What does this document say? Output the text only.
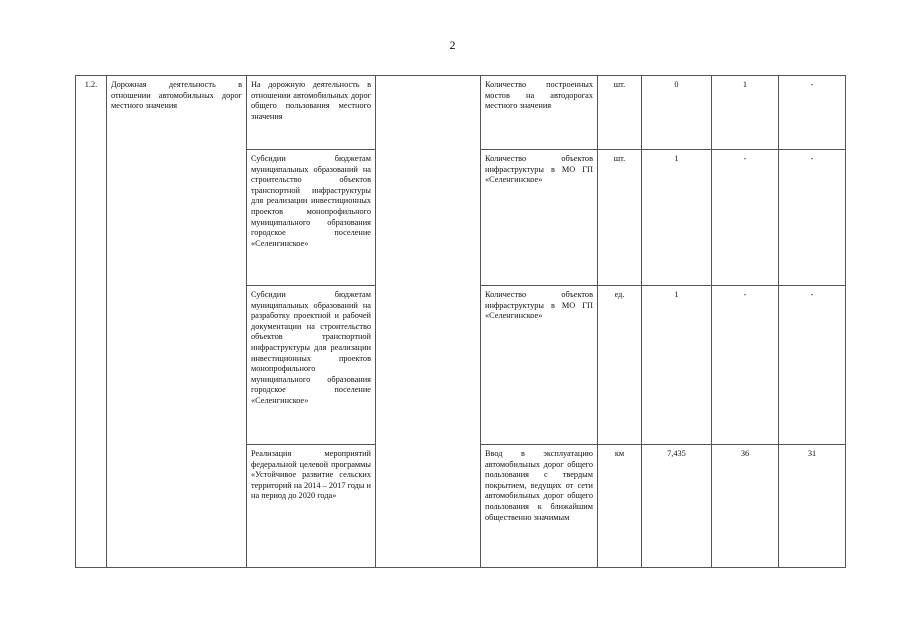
2
1.2.	Дорожная деятельность в отношении автомобильных дорог местного значения	На дорожную деятельность в отношении автомобильных дорог общего пользования местного значения		Количество построенных мостов на автодорогах местного значения	шт.	0	1	-
		Субсидии бюджетам муниципальных образований на строительство объектов транспортной инфраструктуры для реализации инвестиционных проектов монопрофильного муниципального образования городское поселение «Селенгинское»		Количество объектов инфраструктуры в МО ГП «Селенгинское»	шт.	1	-	-
		Субсидии бюджетам муниципальных образований на разработку проектной и рабочей документации на строительство объектов транспортной инфраструктуры для реализации инвестиционных проектов монопрофильного муниципального образования городское поселение «Селенгинское»		Количество объектов инфраструктуры в МО ГП «Селенгинское»	ед.	1	-	-
		Реализация мероприятий федеральной целевой программы «Устойчивое развитие сельских территорий на 2014 – 2017 годы и на период до 2020 года»		Ввод в эксплуатацию автомобильных дорог общего пользования с твердым покрытием, ведущих от сети автомобильных дорог общего пользования к ближайшим общественно значимым	км	7,435	36	31
